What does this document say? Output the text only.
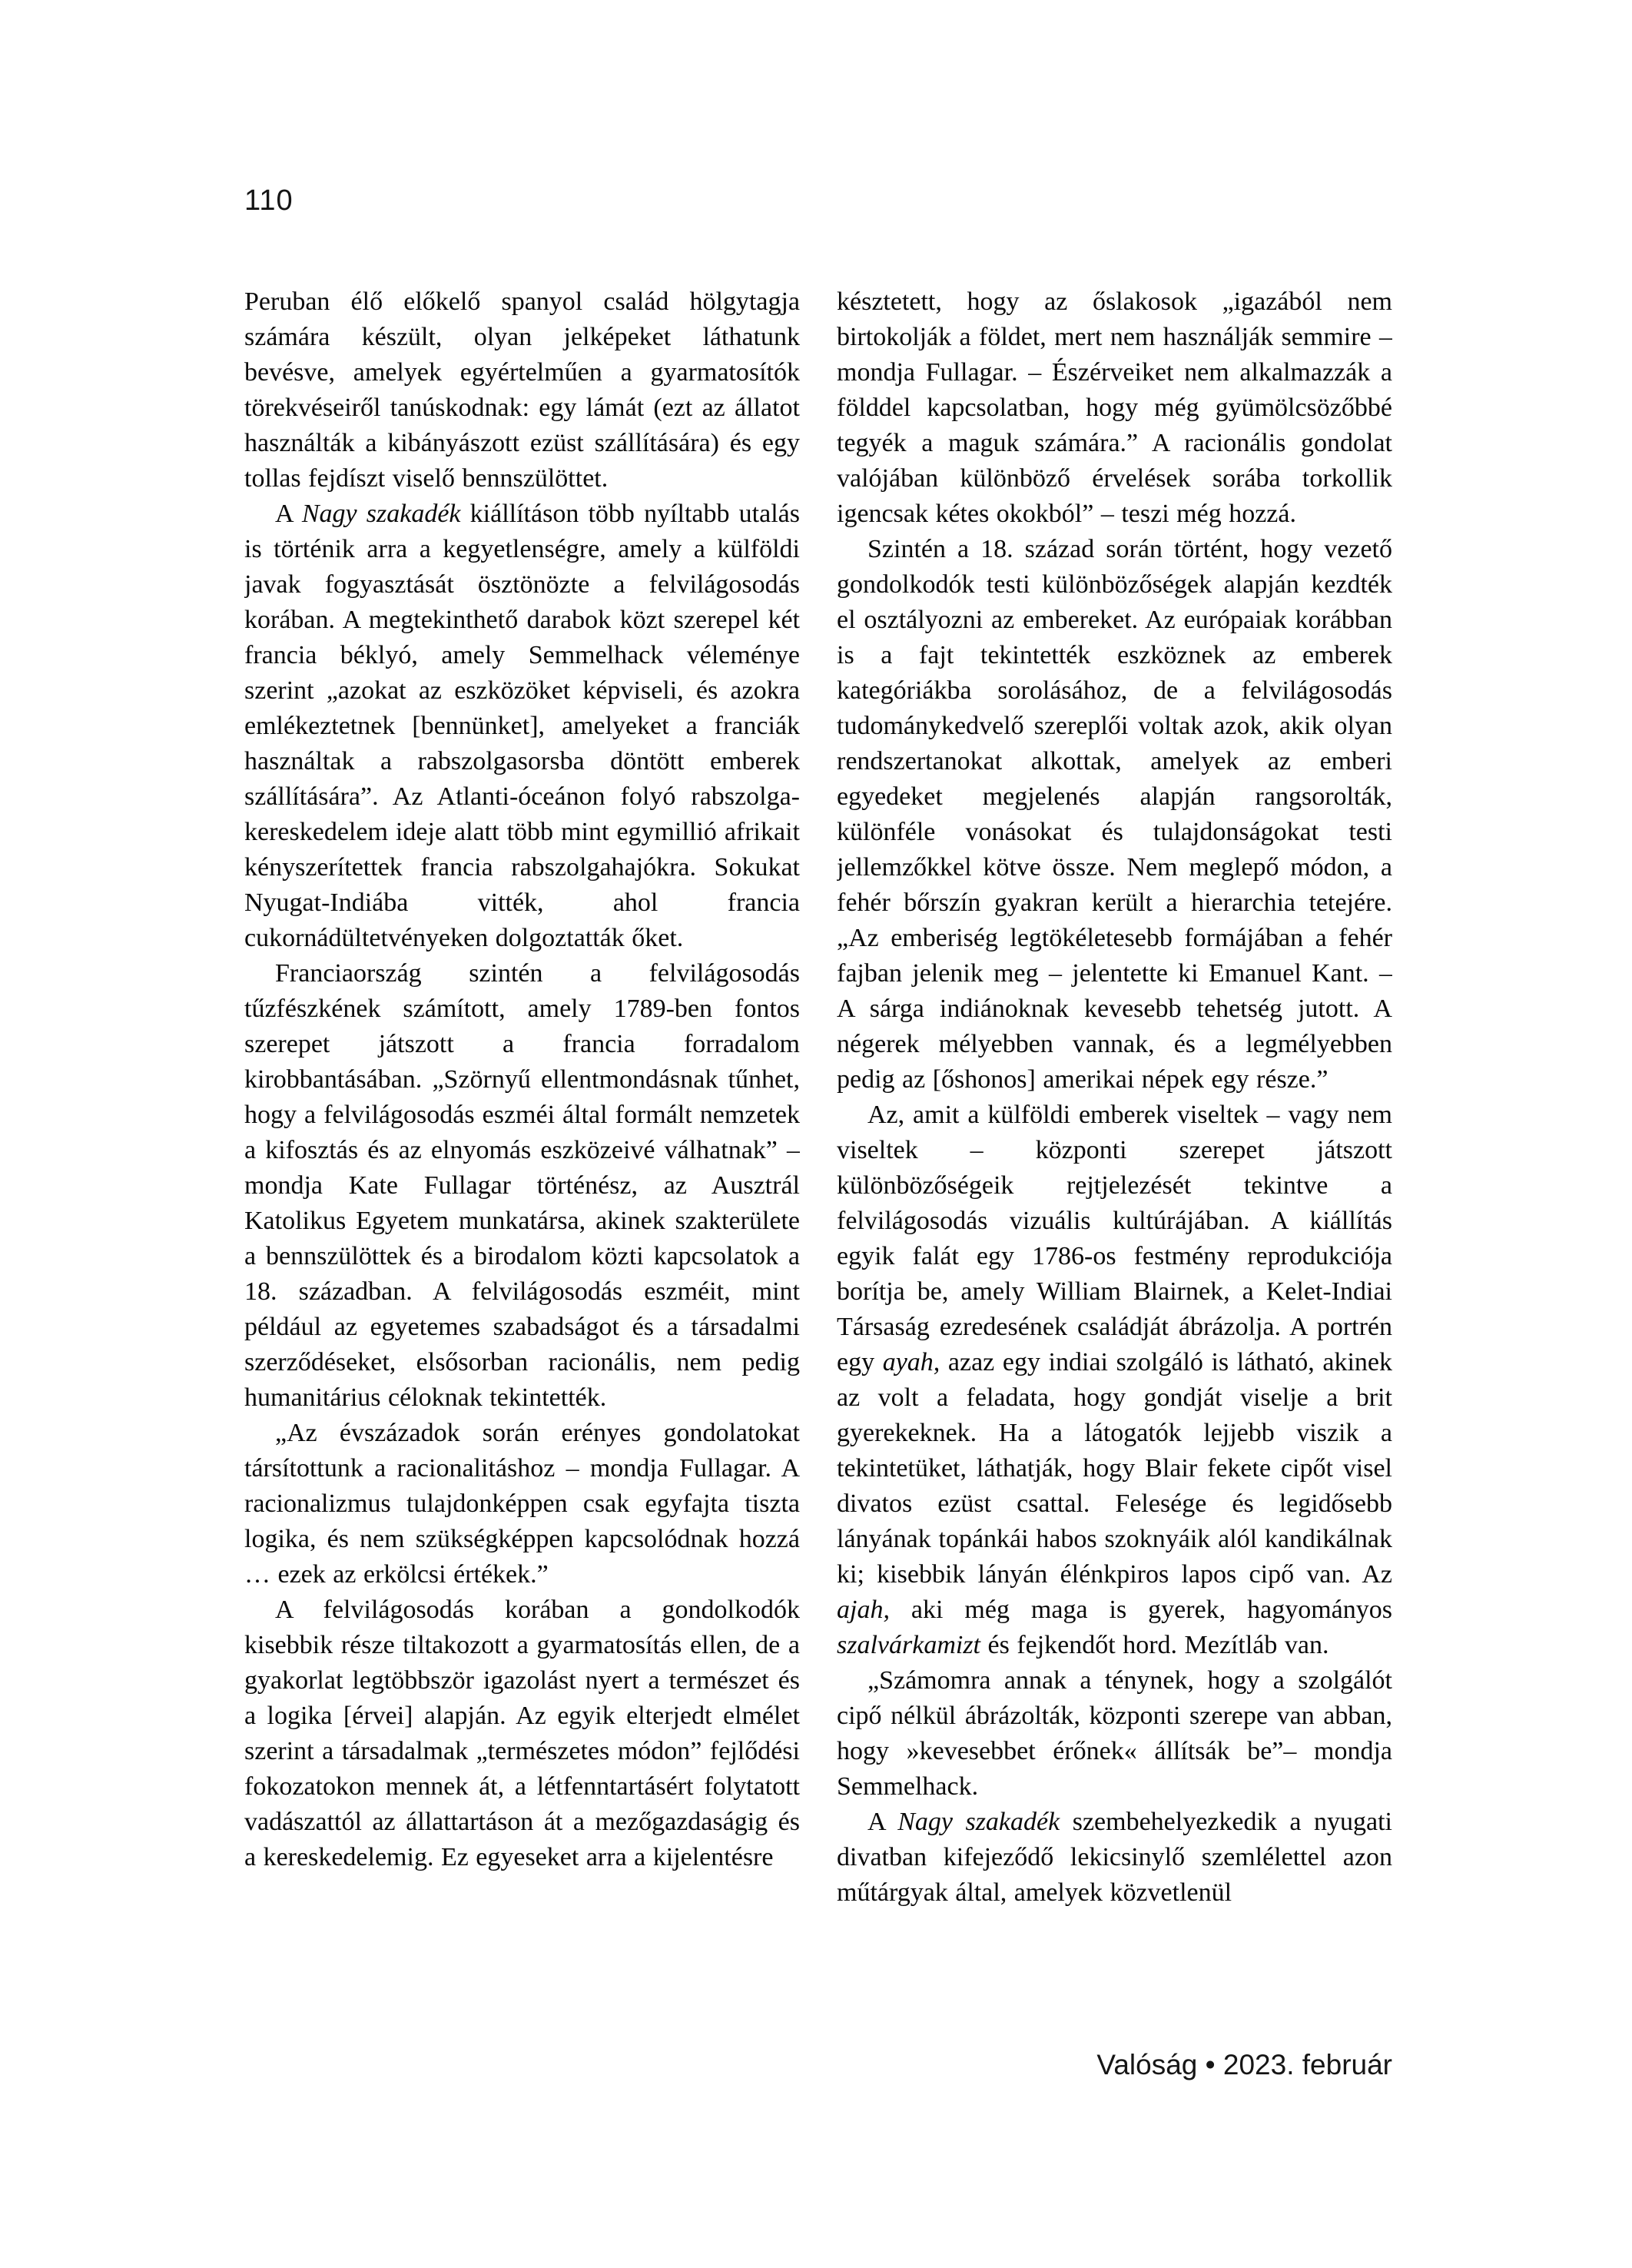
110

Peruban élő előkelő spanyol család hölgytagja számára készült, olyan jelképeket láthatunk bevésve, amelyek egyértelműen a gyarmatosítók törekvéseiről tanúskodnak: egy lámát (ezt az állatot használták a kibányászott ezüst szállítására) és egy tollas fejdíszt viselő bennszülöttet.

A Nagy szakadék kiállításon több nyíltabb utalás is történik arra a kegyetlenségre, amely a külföldi javak fogyasztását ösztönözte a felvilágosodás korában. A megtekinthető darabok közt szerepel két francia béklyó, amely Semmelhack véleménye szerint „azokat az eszközöket képviseli, és azokra emlékeztetnek [bennünket], amelyeket a franciák használtak a rabszolgasorsba döntött emberek szállítására”. Az Atlanti-óceánon folyó rabszolga-kereskedelem ideje alatt több mint egymillió afrikait kényszerítettek francia rabszolgahajókra. Sokukat Nyugat-Indiába vitték, ahol francia cukornádültetvényeken dolgoztatták őket.

Franciaország szintén a felvilágosodás tűzfészkének számított, amely 1789-ben fontos szerepet játszott a francia forradalom kirobbantásában. „Szörnyű ellentmondásnak tűnhet, hogy a felvilágosodás eszméi által formált nemzetek a kifosztás és az elnyomás eszközeivé válhatnak” – mondja Kate Fullagar történész, az Ausztrál Katolikus Egyetem munkatársa, akinek szakterülete a bennszülöttek és a birodalom közti kapcsolatok a 18. században. A felvilágosodás eszméit, mint például az egyetemes szabadságot és a társadalmi szerződéseket, elsősorban racionális, nem pedig humanitárius céloknak tekintették.

„Az évszázadok során erényes gondolatokat társítottunk a racionalitáshoz – mondja Fullagar. A racionalizmus tulajdonképpen csak egyfajta tiszta logika, és nem szükségképpen kapcsolódnak hozzá … ezek az erkölcsi értékek.”

A felvilágosodás korában a gondolkodók kisebbik része tiltakozott a gyarmatosítás ellen, de a gyakorlat legtöbbször igazolást nyert a természet és a logika [érvei] alapján. Az egyik elterjedt elmélet szerint a társadalmak „természetes módon” fejlődési fokozatokon mennek át, a létfenntartásért folytatott vadászattól az állattartáson át a mezőgazdaságig és a kereskedelemig. Ez egyeseket arra a kijelentésre

késztetett, hogy az őslakosok „igazából nem birtokolják a földet, mert nem használják semmire – mondja Fullagar. – Észérveiket nem alkalmazzák a földdel kapcsolatban, hogy még gyümölcsözőbbé tegyék a maguk számára.” A racionális gondolat valójában különböző érvelések sorába torkollik igencsak kétes okokból” – teszi még hozzá.

Szintén a 18. század során történt, hogy vezető gondolkodók testi különbözőségek alapján kezdték el osztályozni az embereket. Az európaiak korábban is a fajt tekintették eszköznek az emberek kategóriákba sorolásához, de a felvilágosodás tudománykedvelő szereplői voltak azok, akik olyan rendszertanokat alkottak, amelyek az emberi egyedeket megjelenés alapján rangsorolták, különféle vonásokat és tulajdonságokat testi jellemzőkkel kötve össze. Nem meglepő módon, a fehér bőrszín gyakran került a hierarchia tetejére. „Az emberiség legtökéletesebb formájában a fehér fajban jelenik meg – jelentette ki Emanuel Kant. – A sárga indiánoknak kevesebb tehetség jutott. A négerek mélyebben vannak, és a legmélyebben pedig az [őshonos] amerikai népek egy része.”

Az, amit a külföldi emberek viseltek – vagy nem viseltek – központi szerepet játszott különbözőségeik rejtjelezését tekintve a felvilágosodás vizuális kultúrájában. A kiállítás egyik falát egy 1786-os festmény reprodukciója borítja be, amely William Blairnek, a Kelet-Indiai Társaság ezredesének családját ábrázolja. A portrén egy ayah, azaz egy indiai szolgáló is látható, akinek az volt a feladata, hogy gondját viselje a brit gyerekeknek. Ha a látogatók lejjebb viszik a tekintetüket, láthatják, hogy Blair fekete cipőt visel divatos ezüst csattal. Felesége és legidősebb lányának topánkái habos szoknyáik alól kandikálnak ki; kisebbik lányán élénkpiros lapos cipő van. Az ajah, aki még maga is gyerek, hagyományos szalvárkamizt és fejkendőt hord. Mezítláb van.

„Számomra annak a ténynek, hogy a szolgálót cipő nélkül ábrázolták, központi szerepe van abban, hogy »kevesebbet érőnek« állítsák be”– mondja Semmelhack.

A Nagy szakadék szembehelyezkedik a nyugati divatban kifejeződő lekicsinylő szemlélettel azon műtárgyak által, amelyek közvetlenül

Valóság • 2023. február
